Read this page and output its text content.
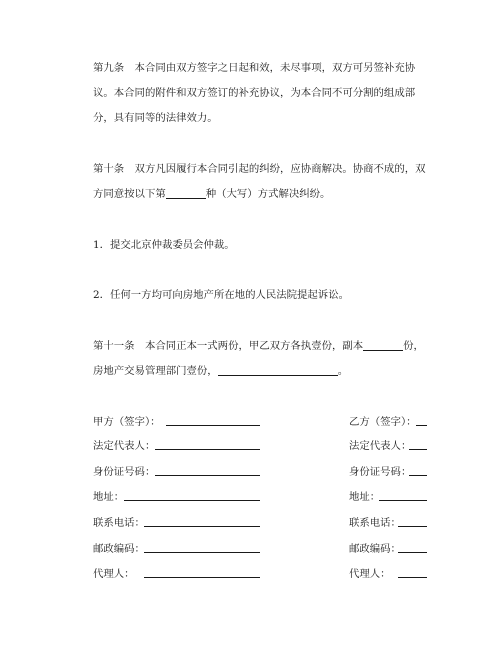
第九条　本合同由双方签字之日起和效，未尽事项，双方可另签补充协议。本合同的附件和双方签订的补充协议，为本合同不可分割的组成部分，具有同等的法律效力。

第十条　双方凡因履行本合同引起的纠纷，应协商解决。协商不成的，双方同意按以下第	种（大写）方式解决纠纷。

1．提交北京仲裁委员会仲裁。

2．任何一方均可向房地产所在地的人民法院提起诉讼。

第十一条　本合同正本一式两份，甲乙双方各执壹份，副本	份，房地产交易管理部门壹份，	。

甲方（签字）：	乙方（签字）：
法定代表人：	法定代表人：
身份证号码：	身份证号码：
地址：	地址：
联系电话：	联系电话：
邮政编码：	邮政编码：
代理人：	代理人：
